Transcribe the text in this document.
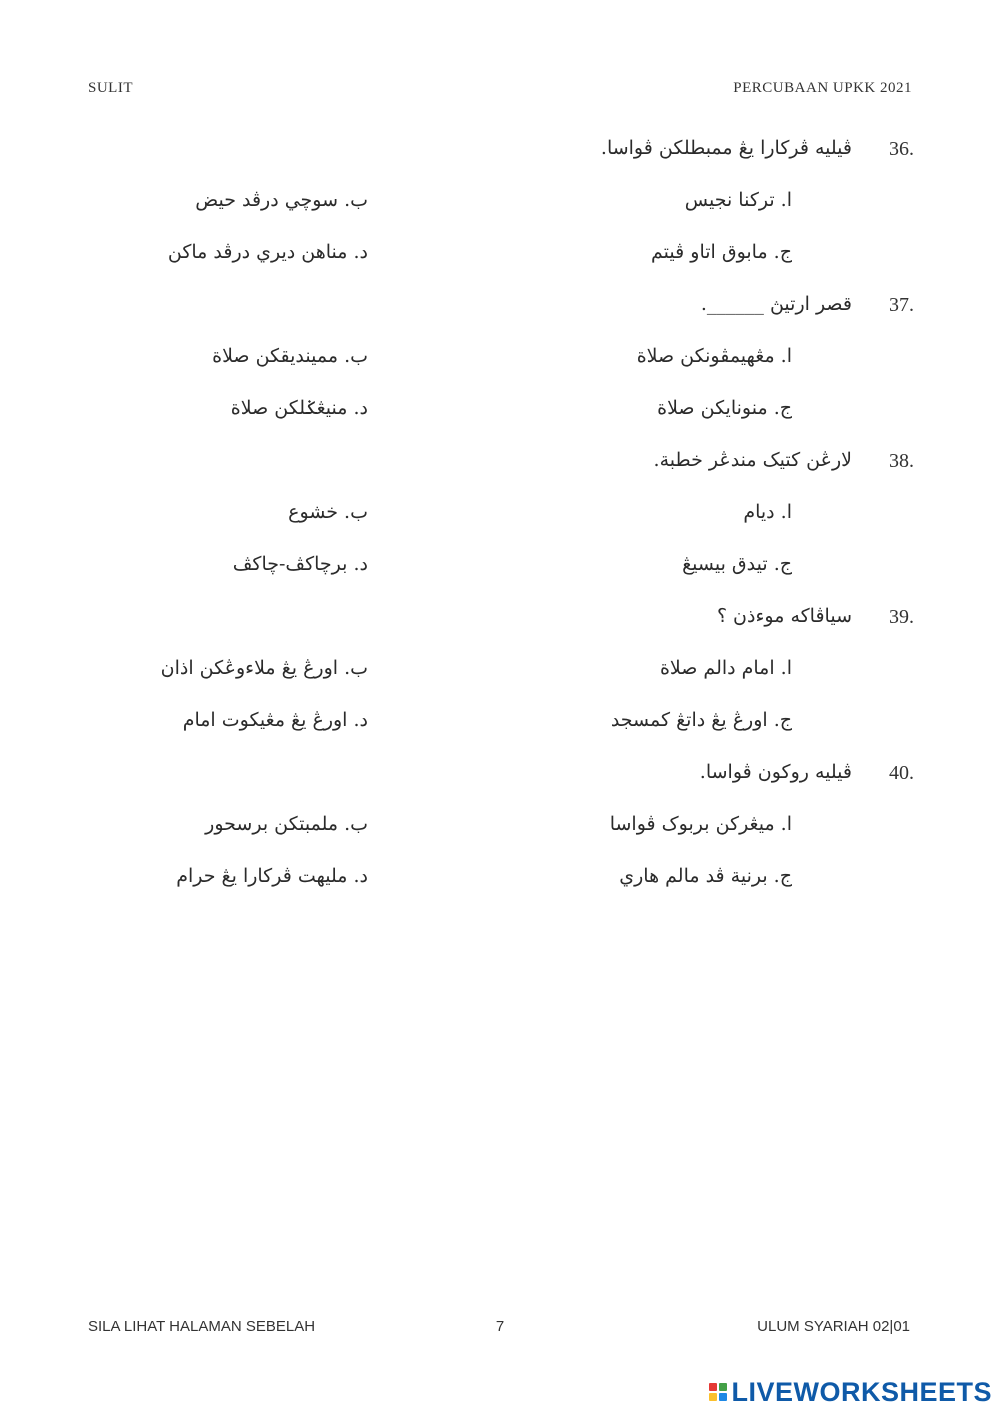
SULIT	PERCUBAAN UPKK 2021
36.
ڤيليه ڤركارا يڠ ممبطلکن ڤواسا.
ا. ترکنا نجيس
ب. سوچي درڤد حيض
ج. مابوق اتاو ڤيتم
د. مناهن ديري درڤد ماکن
37.
قصر ارتيڽ ______.
ا. مڠهيمڤونکن صلاة
ب. مميندیقکن صلاة
ج. منونايکن صلاة
د. منيڠݢلکن صلاة
38.
لارڠن كتيک مندڠر خطبة.
ا. ديام
ب. خشوع
ج. تيدق بيسيڠ
د. برچاکڤ-چاکڤ
39.
سياڤاكه موءذن ؟
ا. امام دالم صلاة
ب. اورڠ يڠ ملاءوڠکن اذان
ج. اورڠ يڠ داتڠ کمسجد
د. اورڠ يڠ مڠيکوت امام
40.
ڤيليه روکون ڤواسا.
ا. ميڠرکن بربوک ڤواسا
ب. ملمبتکن برسحور
ج. برنية ڤد مالم هاري
د. مليهت ڤرکارا يڠ حرام
SILA LIHAT HALAMAN SEBELAH	7	ULUM SYARIAH 02|01
LIVEWORKSHEETS
